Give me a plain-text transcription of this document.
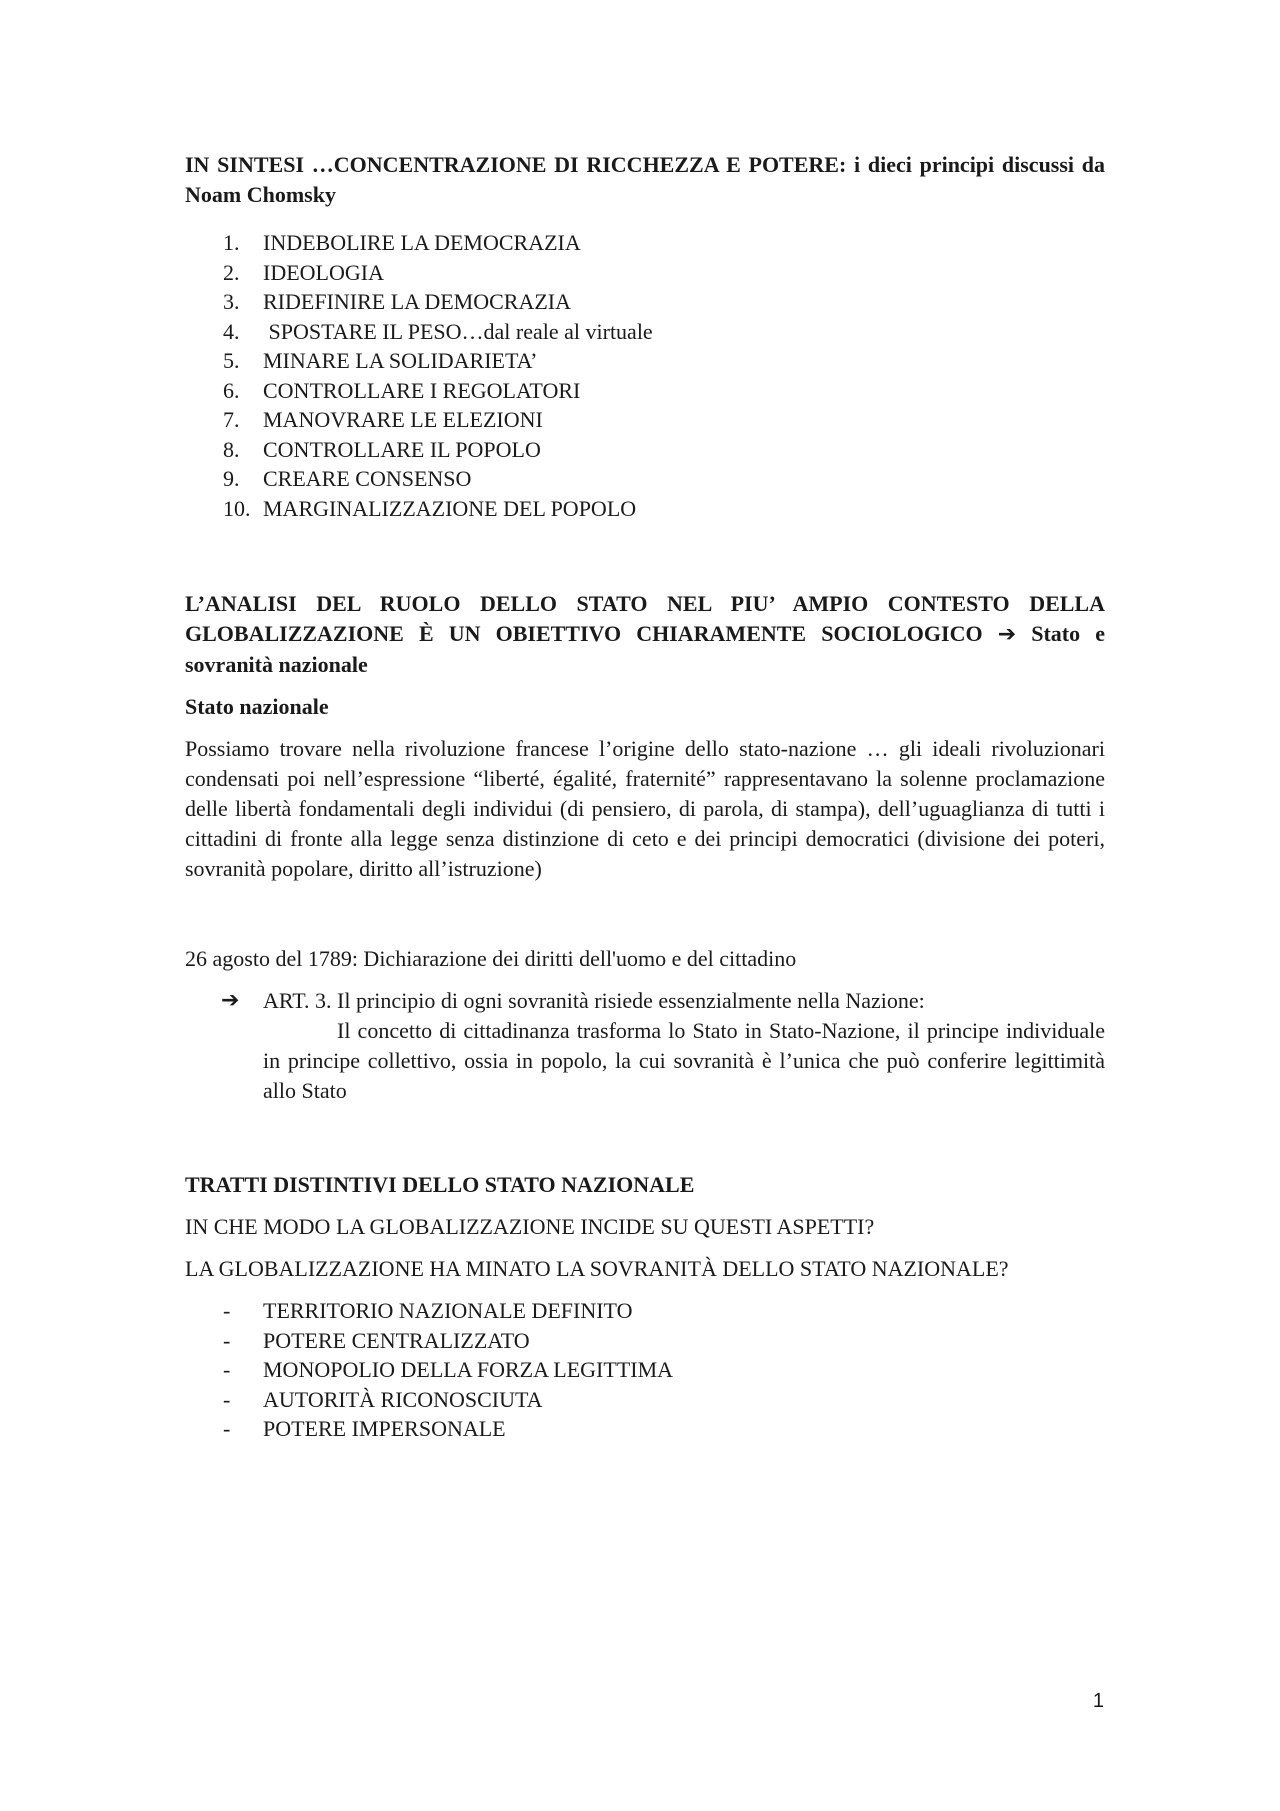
IN SINTESI …CONCENTRAZIONE DI RICCHEZZA E POTERE: i dieci principi discussi da Noam Chomsky

1.	INDEBOLIRE LA DEMOCRAZIA
2.	IDEOLOGIA
3.	RIDEFINIRE LA DEMOCRAZIA
4.	SPOSTARE IL PESO…dal reale al virtuale
5.	MINARE LA SOLIDARIETA’
6.	CONTROLLARE I REGOLATORI
7.	MANOVRARE LE ELEZIONI
8.	CONTROLLARE IL POPOLO
9.	CREARE CONSENSO
10. MARGINALIZZAZIONE DEL POPOLO

L’ANALISI DEL RUOLO DELLO STATO NEL PIU’ AMPIO CONTESTO DELLA GLOBALIZZAZIONE È UN OBIETTIVO CHIARAMENTE SOCIOLOGICO ➔ Stato e sovranità nazionale

Stato nazionale

Possiamo trovare nella rivoluzione francese l’origine dello stato-nazione … gli ideali rivoluzionari condensati poi nell’espressione “liberté, égalité, fraternité” rappresentavano la solenne proclamazione delle libertà fondamentali degli individui (di pensiero, di parola, di stampa), dell’uguaglianza di tutti i cittadini di fronte alla legge senza distinzione di ceto e dei principi democratici (divisione dei poteri, sovranità popolare, diritto all’istruzione)

26 agosto del 1789: Dichiarazione dei diritti dell'uomo e del cittadino

➔ ART. 3. Il principio di ogni sovranità risiede essenzialmente nella Nazione:

Il concetto di cittadinanza trasforma lo Stato in Stato-Nazione, il principe individuale in principe collettivo, ossia in popolo, la cui sovranità è l’unica che può conferire legittimità allo Stato

TRATTI DISTINTIVI DELLO STATO NAZIONALE

IN CHE MODO LA GLOBALIZZAZIONE INCIDE SU QUESTI ASPETTI?

LA GLOBALIZZAZIONE HA MINATO LA SOVRANITÀ DELLO STATO NAZIONALE?

- TERRITORIO NAZIONALE DEFINITO
- POTERE CENTRALIZZATO
- MONOPOLIO DELLA FORZA LEGITTIMA
- AUTORITÀ RICONOSCIUTA
- POTERE IMPERSONALE
1
